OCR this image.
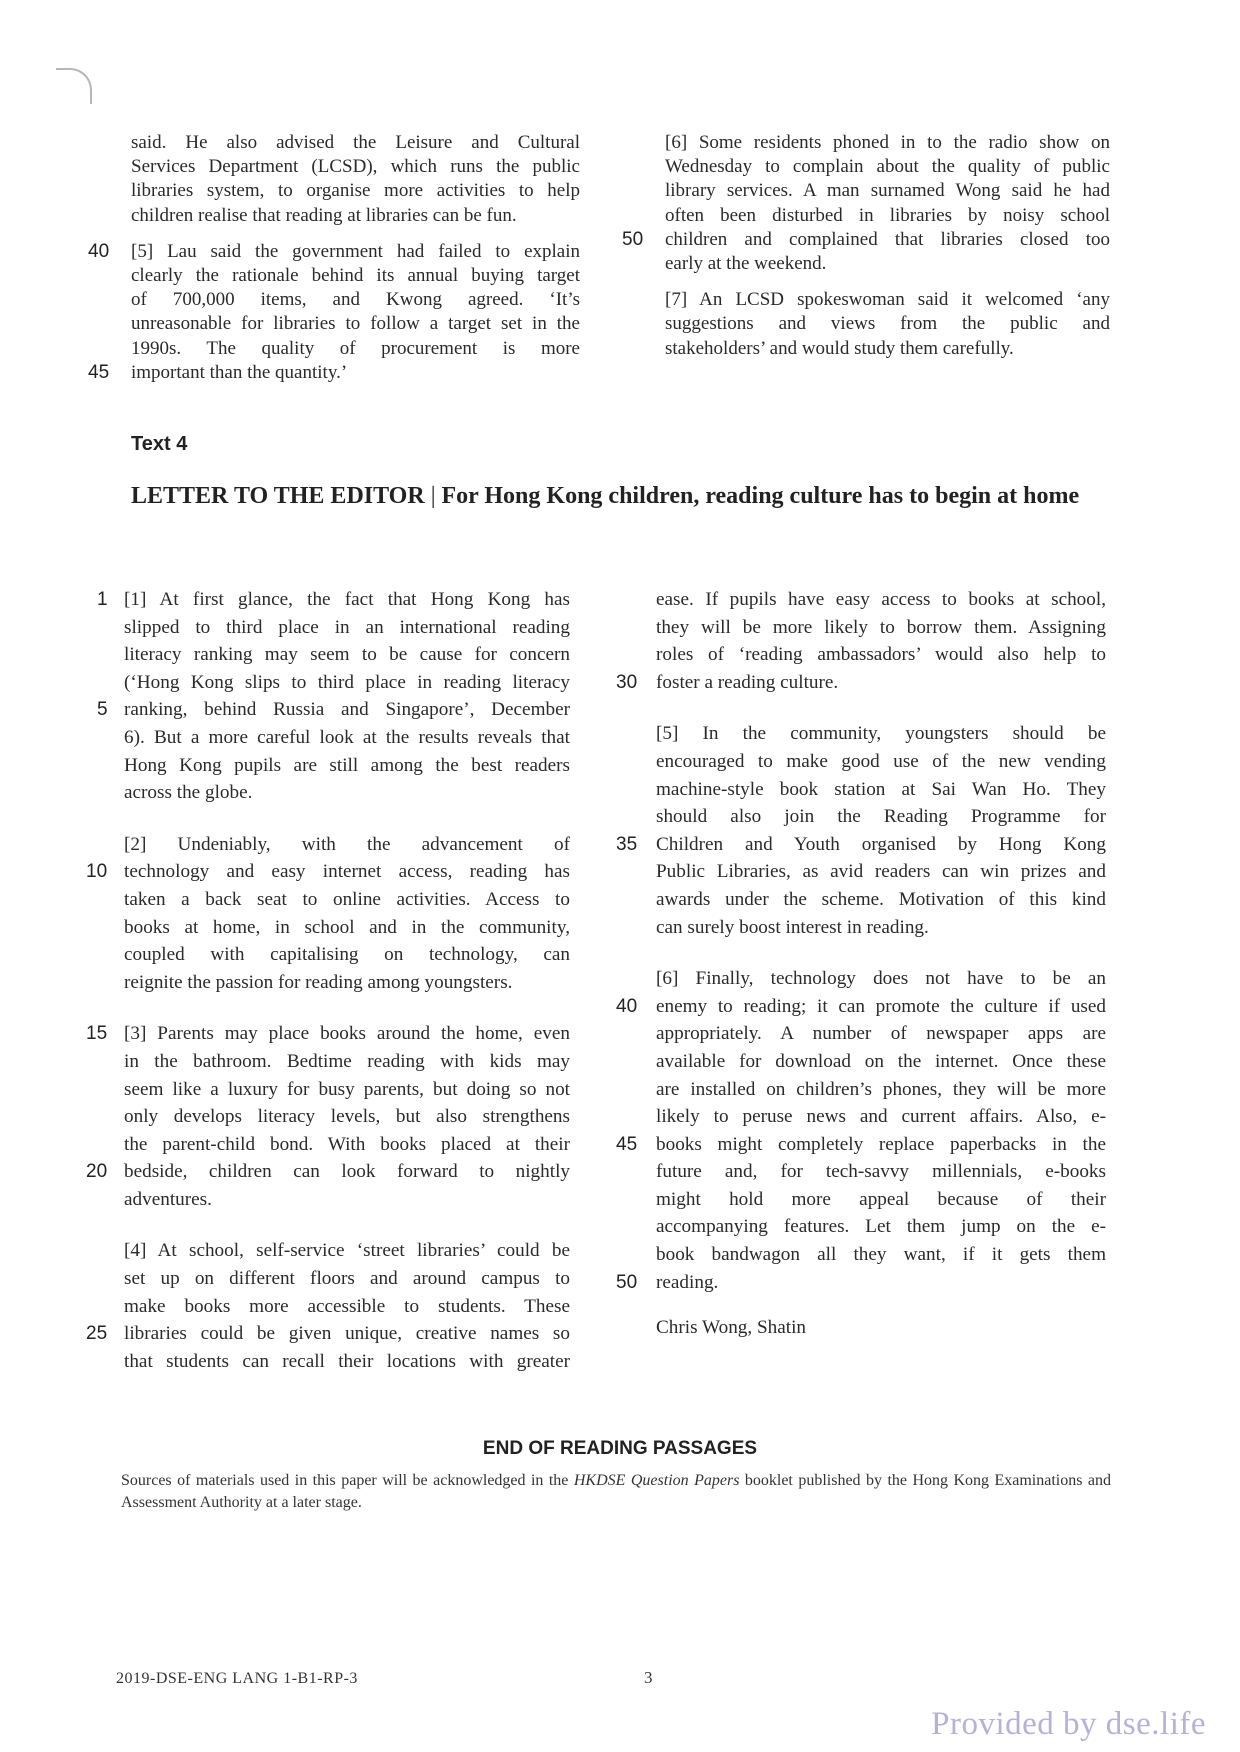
said. He also advised the Leisure and Cultural
Services Department (LCSD), which runs the public
libraries system, to organise more activities to help
children realise that reading at libraries can be fun.
40 [5] Lau said the government had failed to explain
clearly the rationale behind its annual buying target
of 700,000 items, and Kwong agreed. ‘It’s
unreasonable for libraries to follow a target set in the
1990s. The quality of procurement is more
45 important than the quantity.’
[6] Some residents phoned in to the radio show on
Wednesday to complain about the quality of public
library services. A man surnamed Wong said he had
often been disturbed in libraries by noisy school
50 children and complained that libraries closed too
early at the weekend.
[7] An LCSD spokeswoman said it welcomed ‘any
suggestions and views from the public and
stakeholders’ and would study them carefully.
Text 4
LETTER TO THE EDITOR | For Hong Kong children, reading culture has to begin at home
1 [1] At first glance, the fact that Hong Kong has
slipped to third place in an international reading
literacy ranking may seem to be cause for concern
(‘Hong Kong slips to third place in reading literacy
5 ranking, behind Russia and Singapore’, December
6). But a more careful look at the results reveals that
Hong Kong pupils are still among the best readers
across the globe.
[2] Undeniably, with the advancement of
10 technology and easy internet access, reading has
taken a back seat to online activities. Access to
books at home, in school and in the community,
coupled with capitalising on technology, can
reignite the passion for reading among youngsters.
15 [3] Parents may place books around the home, even
in the bathroom. Bedtime reading with kids may
seem like a luxury for busy parents, but doing so not
only develops literacy levels, but also strengthens
the parent-child bond. With books placed at their
20 bedside, children can look forward to nightly
adventures.
[4] At school, self-service ‘street libraries’ could be
set up on different floors and around campus to
make books more accessible to students. These
25 libraries could be given unique, creative names so
that students can recall their locations with greater
ease. If pupils have easy access to books at school,
they will be more likely to borrow them. Assigning
roles of ‘reading ambassadors’ would also help to
30 foster a reading culture.
[5] In the community, youngsters should be
encouraged to make good use of the new vending
machine-style book station at Sai Wan Ho. They
should also join the Reading Programme for
35 Children and Youth organised by Hong Kong
Public Libraries, as avid readers can win prizes and
awards under the scheme. Motivation of this kind
can surely boost interest in reading.
[6] Finally, technology does not have to be an
40 enemy to reading; it can promote the culture if used
appropriately. A number of newspaper apps are
available for download on the internet. Once these
are installed on children’s phones, they will be more
likely to peruse news and current affairs. Also, e-
45 books might completely replace paperbacks in the
future and, for tech-savvy millennials, e-books
might hold more appeal because of their
accompanying features. Let them jump on the e-
book bandwagon all they want, if it gets them
50 reading.
Chris Wong, Shatin
END OF READING PASSAGES
Sources of materials used in this paper will be acknowledged in the HKDSE Question Papers booklet published by the Hong Kong Examinations and Assessment Authority at a later stage.
2019-DSE-ENG LANG 1-B1-RP-3	3
Provided by dse.life
